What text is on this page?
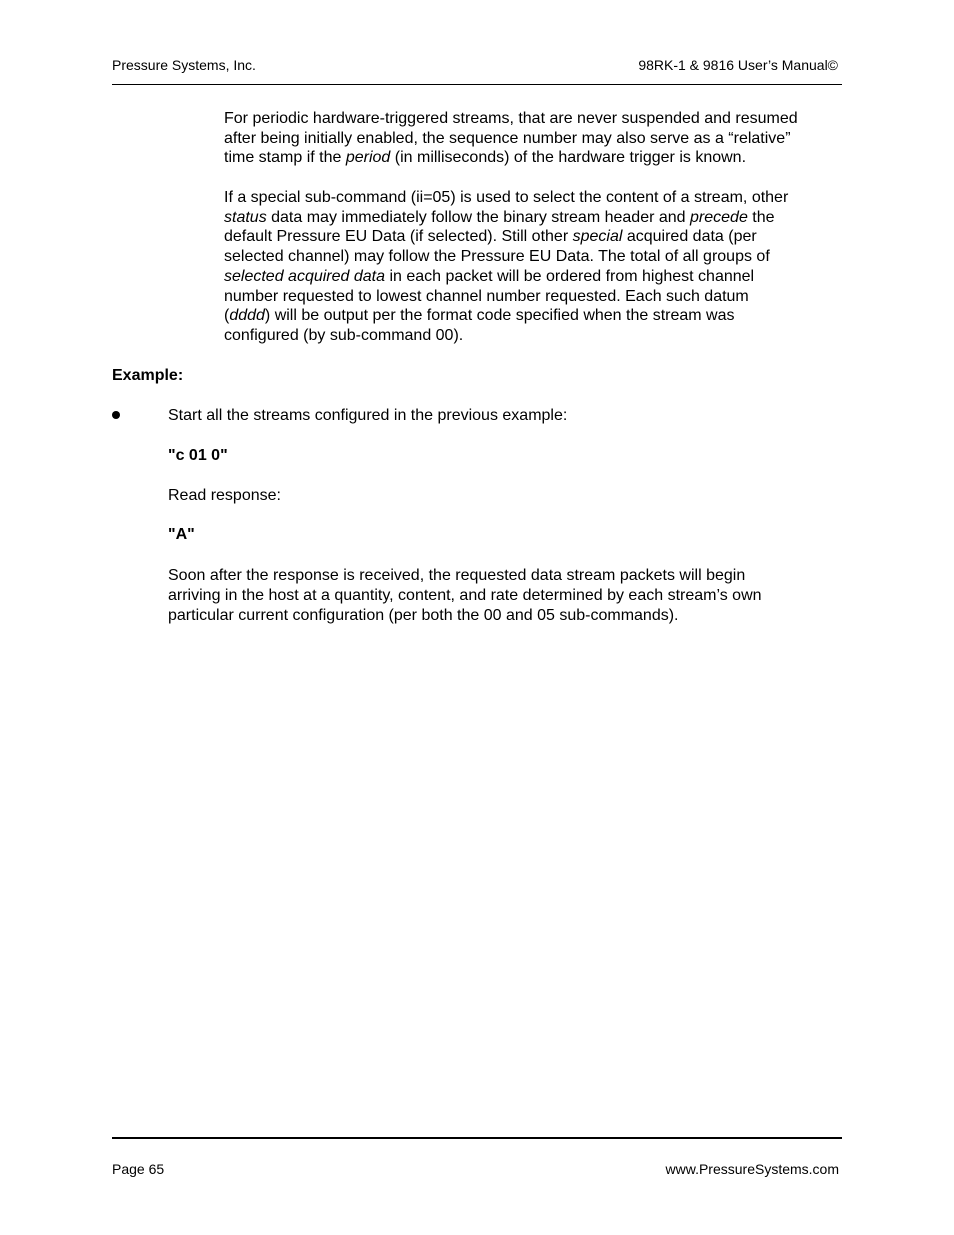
Pressure Systems, Inc.	98RK-1 & 9816 User’s Manual©
For periodic hardware-triggered streams, that are never suspended and resumed
after being initially enabled, the sequence number may also serve as a “relative”
time stamp if the period (in milliseconds) of the hardware trigger is known.
If a special sub-command (ii=05) is used to select the content of a stream, other
status data may immediately follow the binary stream header and precede the
default Pressure EU Data (if selected). Still other special acquired data (per
selected channel) may follow the Pressure EU Data. The total of all groups of
selected acquired data in each packet will be ordered from highest channel
number requested to lowest channel number requested. Each such datum
(dddd) will be output per the format code specified when the stream was
configured (by sub-command 00).
Example:
Start all the streams configured in the previous example:
"c 01 0"
Read response:
"A"
Soon after the response is received, the requested data stream packets will begin
arriving in the host at a quantity, content, and rate determined by each stream’s own
particular current configuration (per both the 00 and 05 sub-commands).
Page 65	www.PressureSystems.com
